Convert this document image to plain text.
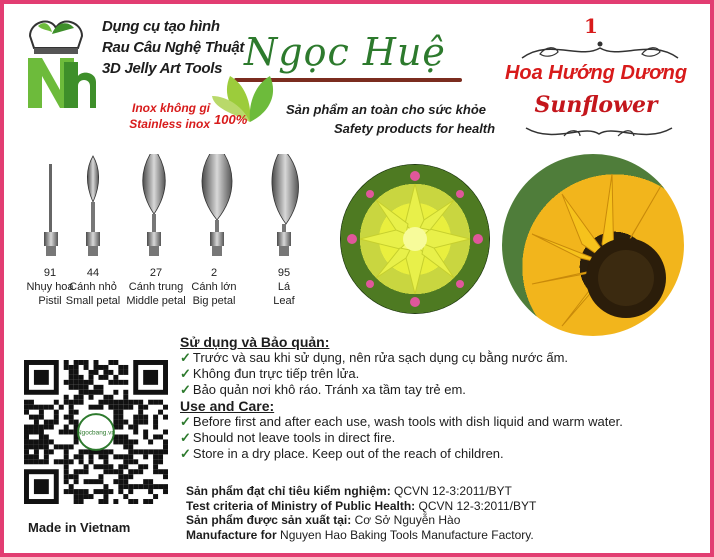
Dụng cụ tạo hình
Rau Câu Nghệ Thuật
3D Jelly Art Tools Ngọc Huệ
Inox không gỉ
Stainless inox 100%
Sản phẩm an toàn cho sức khỏe
Safety products for health
1
Hoa Hướng Dương
Sunflower
91
Nhụy hoa
Pistil
44
Cánh nhỏ
Small petal
27
Cánh trung
Middle petal
2
Cánh lớn
Big petal
95
Lá
Leaf
Sử dụng và Bảo quản:
✓ Trước và sau khi sử dụng, nên rửa sạch dụng cụ bằng nước ấm.
✓ Không đun trực tiếp trên lửa.
✓ Bảo quản nơi khô ráo. Tránh xa tầm tay trẻ em.
Use and Care:
✓ Before first and after each use, wash tools with dish liquid and warm water.
✓ Should not leave tools in direct fire.
✓ Store in a dry place. Keep out of the reach of children.
Ngocbang.vn
Made in Vietnam
Sản phẩm đạt chỉ tiêu kiểm nghiệm: QCVN 12-3:2011/BYT
Test criteria of Ministry of Public Health: QCVN 12-3:2011/BYT
Sản phẩm được sản xuất tại: Cơ Sở Nguyễn Hào
Manufacture for Nguyen Hao Baking Tools Manufacture Factory.
